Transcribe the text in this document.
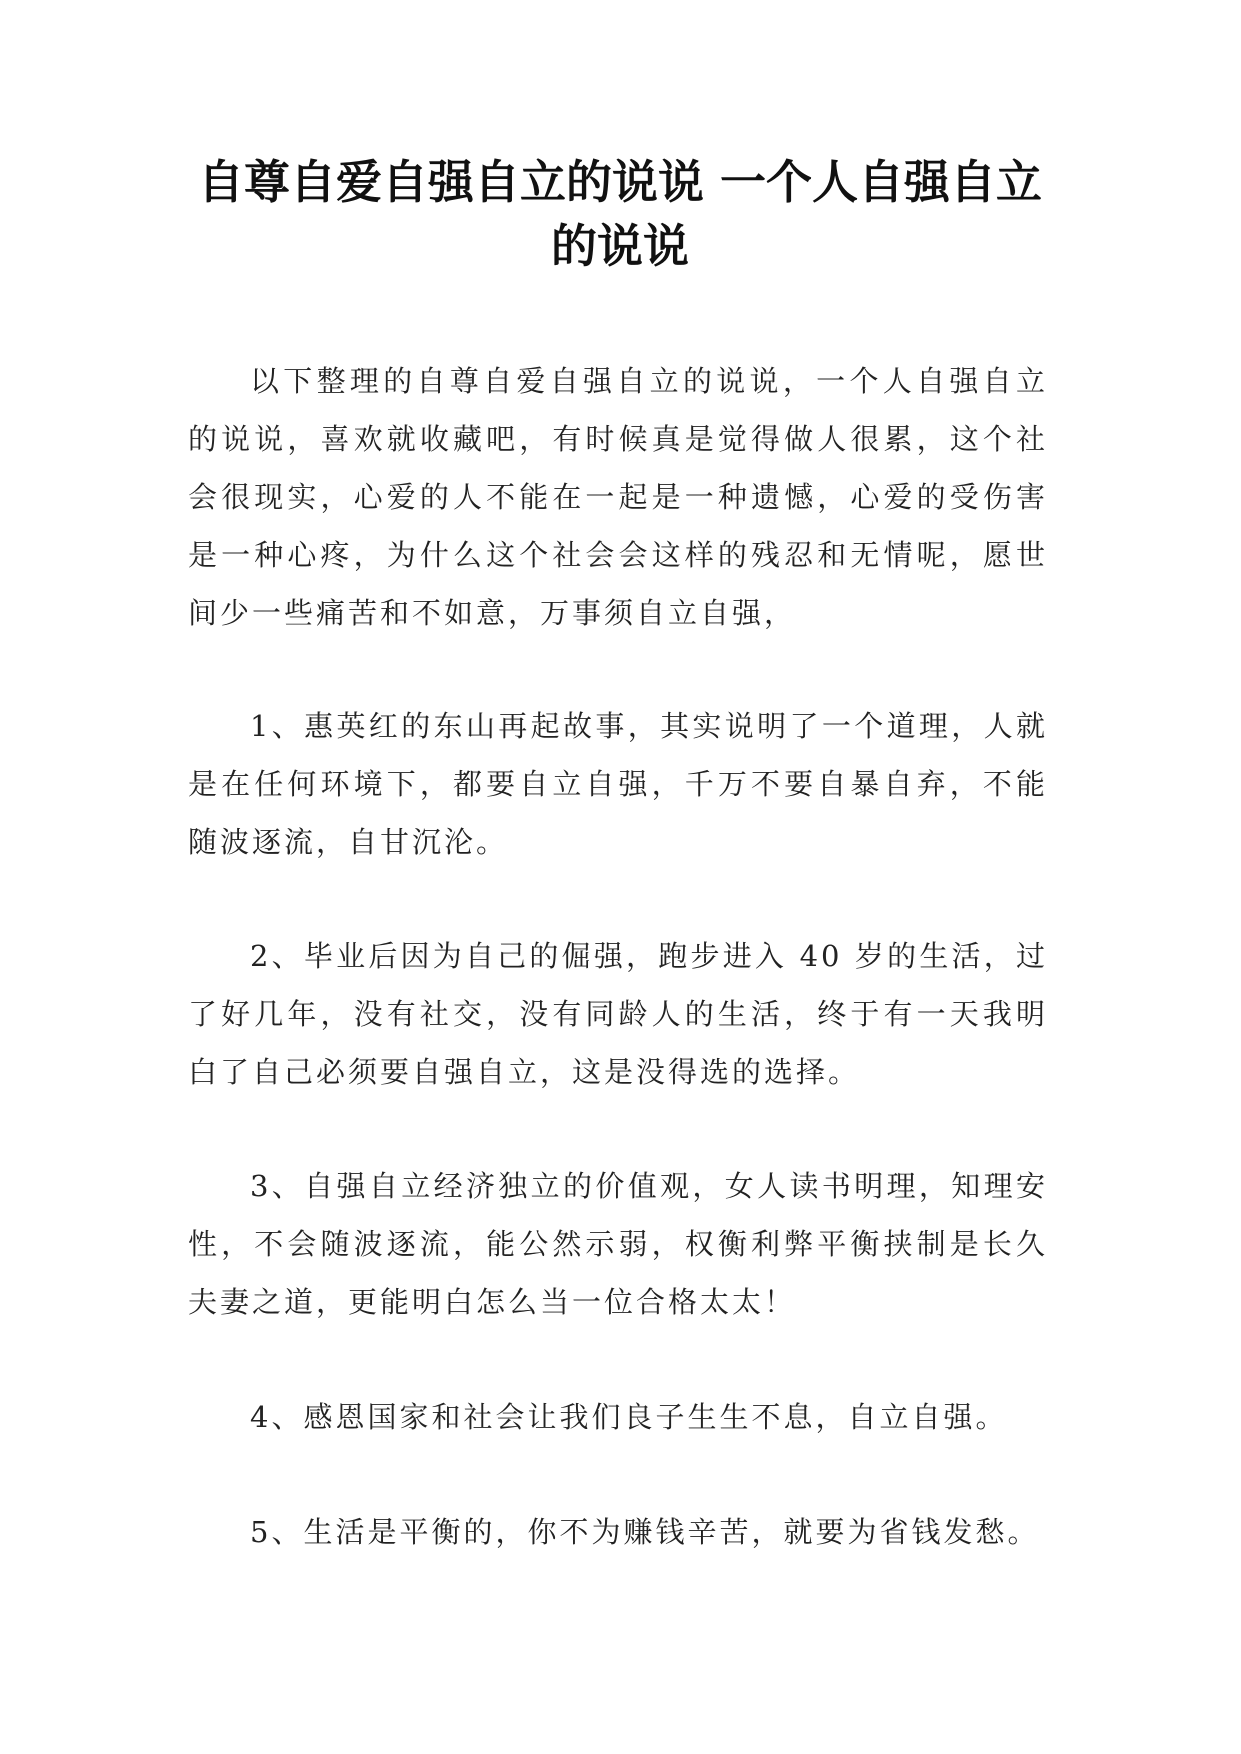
自尊自爱自强自立的说说 一个人自强自立的说说

以下整理的自尊自爱自强自立的说说，一个人自强自立的说说，喜欢就收藏吧，有时候真是觉得做人很累，这个社会很现实，心爱的人不能在一起是一种遗憾，心爱的受伤害是一种心疼，为什么这个社会会这样的残忍和无情呢，愿世间少一些痛苦和不如意，万事须自立自强，

1、惠英红的东山再起故事，其实说明了一个道理，人就是在任何环境下，都要自立自强，千万不要自暴自弃，不能随波逐流，自甘沉沦。

2、毕业后因为自己的倔强，跑步进入 40 岁的生活，过了好几年，没有社交，没有同龄人的生活，终于有一天我明白了自己必须要自强自立，这是没得选的选择。

3、自强自立经济独立的价值观，女人读书明理，知理安性，不会随波逐流，能公然示弱，权衡利弊平衡挟制是长久夫妻之道，更能明白怎么当一位合格太太！

4、感恩国家和社会让我们良子生生不息，自立自强。

5、生活是平衡的，你不为赚钱辛苦，就要为省钱发愁。
